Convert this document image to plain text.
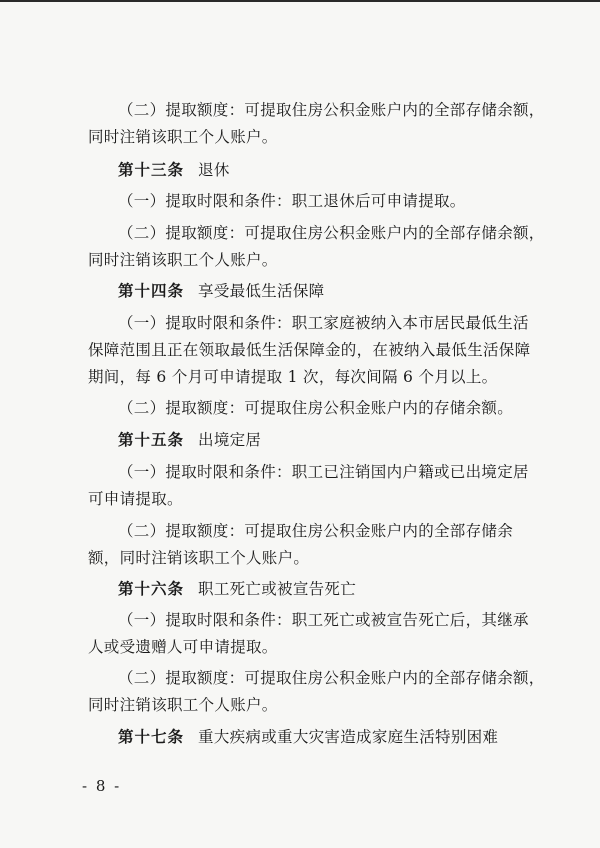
（二）提取额度：可提取住房公积金账户内的全部存储余额，
同时注销该职工个人账户。
第十三条 退休
（一）提取时限和条件：职工退休后可申请提取。
（二）提取额度：可提取住房公积金账户内的全部存储余额，
同时注销该职工个人账户。
第十四条 享受最低生活保障
（一）提取时限和条件：职工家庭被纳入本市居民最低生活
保障范围且正在领取最低生活保障金的，在被纳入最低生活保障
期间，每 6 个月可申请提取 1 次，每次间隔 6 个月以上。
（二）提取额度：可提取住房公积金账户内的存储余额。
第十五条 出境定居
（一）提取时限和条件：职工已注销国内户籍或已出境定居
可申请提取。
（二）提取额度：可提取住房公积金账户内的全部存储余
额，同时注销该职工个人账户。
第十六条 职工死亡或被宣告死亡
（一）提取时限和条件：职工死亡或被宣告死亡后，其继承
人或受遗赠人可申请提取。
（二）提取额度：可提取住房公积金账户内的全部存储余额，
同时注销该职工个人账户。
第十七条 重大疾病或重大灾害造成家庭生活特别困难
- 8 -
